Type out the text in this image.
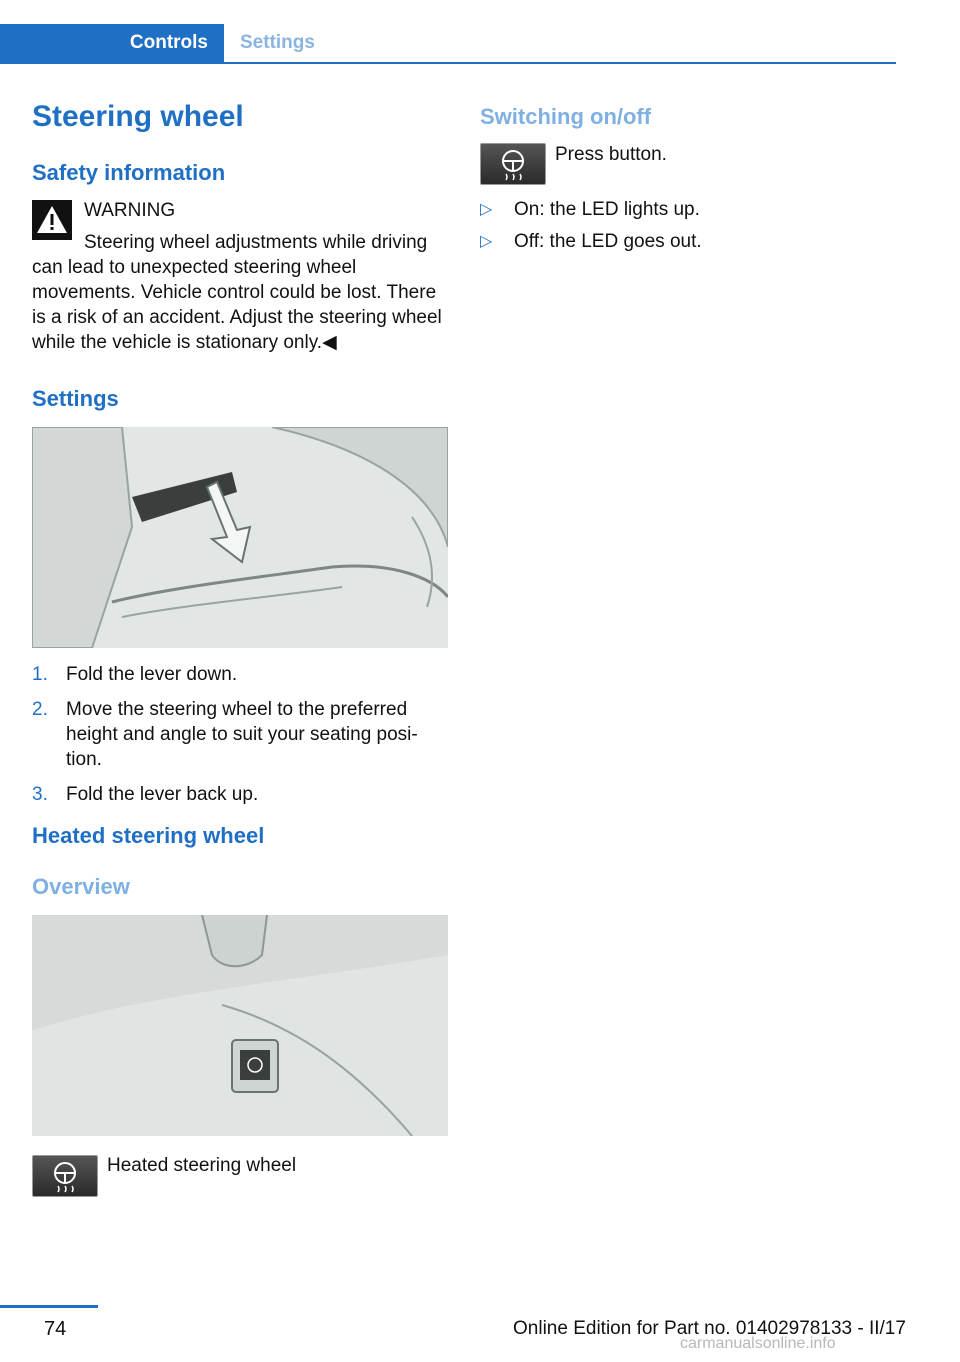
Controls	Settings
Steering wheel
Safety information

WARNING

Steering wheel adjustments while driving can lead to unexpected steering wheel movements. Vehicle control could be lost. There is a risk of an accident. Adjust the steering wheel while the vehicle is stationary only.◀

Settings
1. Fold the lever down.
2. Move the steering wheel to the preferred height and angle to suit your seating posi-tion.
3. Fold the lever back up.
Heated steering wheel
Overview

Heated steering wheel

Switching on/off

Press button.

▷ On: the LED lights up.
▷ Off: the LED goes out.
74	Online Edition for Part no. 01402978133 - II/17
carmanualsonline.info
